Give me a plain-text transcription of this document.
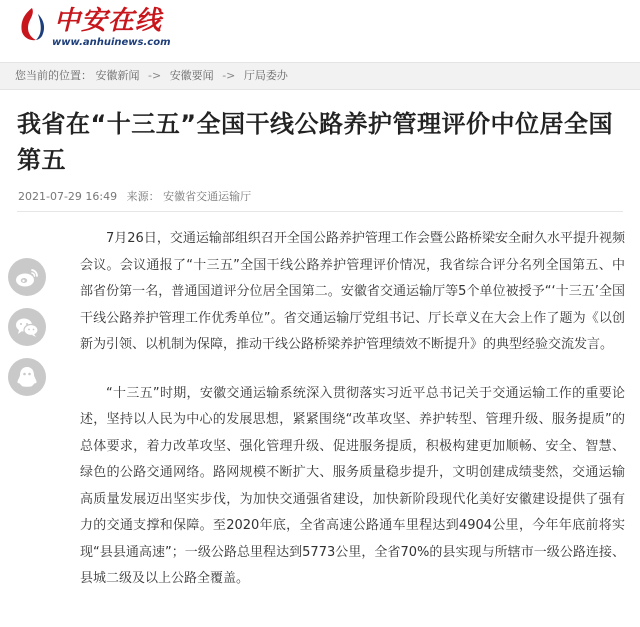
中安在线
www.anhuinews.com
您当前的位置： 安徽新闻 -> 安徽要闻 -> 厅局委办
我省在“十三五”全国干线公路养护管理评价中位居全国第五
2021-07-29 16:49 来源： 安徽省交通运输厅

7月26日，交通运输部组织召开全国公路养护管理工作会暨公路桥梁安全耐久水平提升视频会议。会议通报了“十三五”全国干线公路养护管理评价情况，我省综合评分名列全国第五、中部省份第一名，普通国道评分位居全国第二。安徽省交通运输厅等5个单位被授予“‘十三五’全国干线公路养护管理工作优秀单位”。省交通运输厅党组书记、厅长章义在大会上作了题为《以创新为引领、以机制为保障，推动干线公路桥梁养护管理绩效不断提升》的典型经验交流发言。

“十三五”时期，安徽交通运输系统深入贯彻落实习近平总书记关于交通运输工作的重要论述，坚持以人民为中心的发展思想，紧紧围绕“改革攻坚、养护转型、管理升级、服务提质”的总体要求，着力改革攻坚、强化管理升级、促进服务提质，积极构建更加顺畅、安全、智慧、绿色的公路交通网络。路网规模不断扩大、服务质量稳步提升，文明创建成绩斐然，交通运输高质量发展迈出坚实步伐，为加快交通强省建设，加快新阶段现代化美好安徽建设提供了强有力的交通支撑和保障。至2020年底，全省高速公路通车里程达到4904公里，今年年底前将实现“县县通高速”；一级公路总里程达到5773公里，全省70%的县实现与所辖市一级公路连接、县城二级及以上公路全覆盖。
